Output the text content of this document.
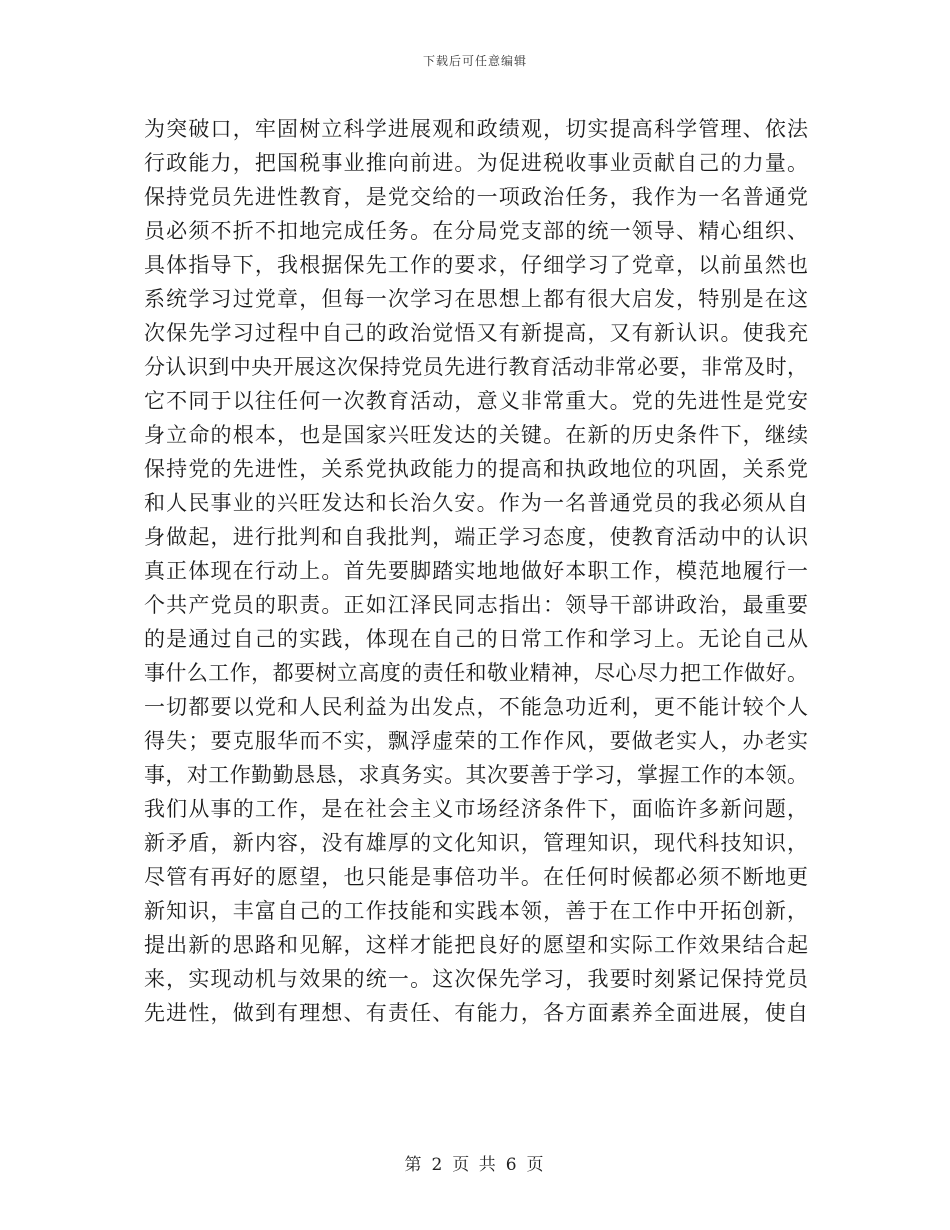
下载后可任意编辑
为突破口，牢固树立科学进展观和政绩观，切实提高科学管理、依法
行政能力，把国税事业推向前进。为促进税收事业贡献自己的力量。
保持党员先进性教育，是党交给的一项政治任务，我作为一名普通党
员必须不折不扣地完成任务。在分局党支部的统一领导、精心组织、
具体指导下，我根据保先工作的要求，仔细学习了党章，以前虽然也
系统学习过党章，但每一次学习在思想上都有很大启发，特别是在这
次保先学习过程中自己的政治觉悟又有新提高，又有新认识。使我充
分认识到中央开展这次保持党员先进行教育活动非常必要，非常及时，
它不同于以往任何一次教育活动，意义非常重大。党的先进性是党安
身立命的根本，也是国家兴旺发达的关键。在新的历史条件下，继续
保持党的先进性，关系党执政能力的提高和执政地位的巩固，关系党
和人民事业的兴旺发达和长治久安。作为一名普通党员的我必须从自
身做起，进行批判和自我批判，端正学习态度，使教育活动中的认识
真正体现在行动上。首先要脚踏实地地做好本职工作，模范地履行一
个共产党员的职责。正如江泽民同志指出：领导干部讲政治，最重要
的是通过自己的实践，体现在自己的日常工作和学习上。无论自己从
事什么工作，都要树立高度的责任和敬业精神，尽心尽力把工作做好。
一切都要以党和人民利益为出发点，不能急功近利，更不能计较个人
得失；要克服华而不实，飘浮虚荣的工作作风，要做老实人，办老实
事，对工作勤勤恳恳，求真务实。其次要善于学习，掌握工作的本领。
我们从事的工作，是在社会主义市场经济条件下，面临许多新问题，
新矛盾，新内容，没有雄厚的文化知识，管理知识，现代科技知识，
尽管有再好的愿望，也只能是事倍功半。在任何时候都必须不断地更
新知识，丰富自己的工作技能和实践本领，善于在工作中开拓创新，
提出新的思路和见解，这样才能把良好的愿望和实际工作效果结合起
来，实现动机与效果的统一。这次保先学习，我要时刻紧记保持党员
先进性，做到有理想、有责任、有能力，各方面素养全面进展，使自
第 2 页 共 6 页
